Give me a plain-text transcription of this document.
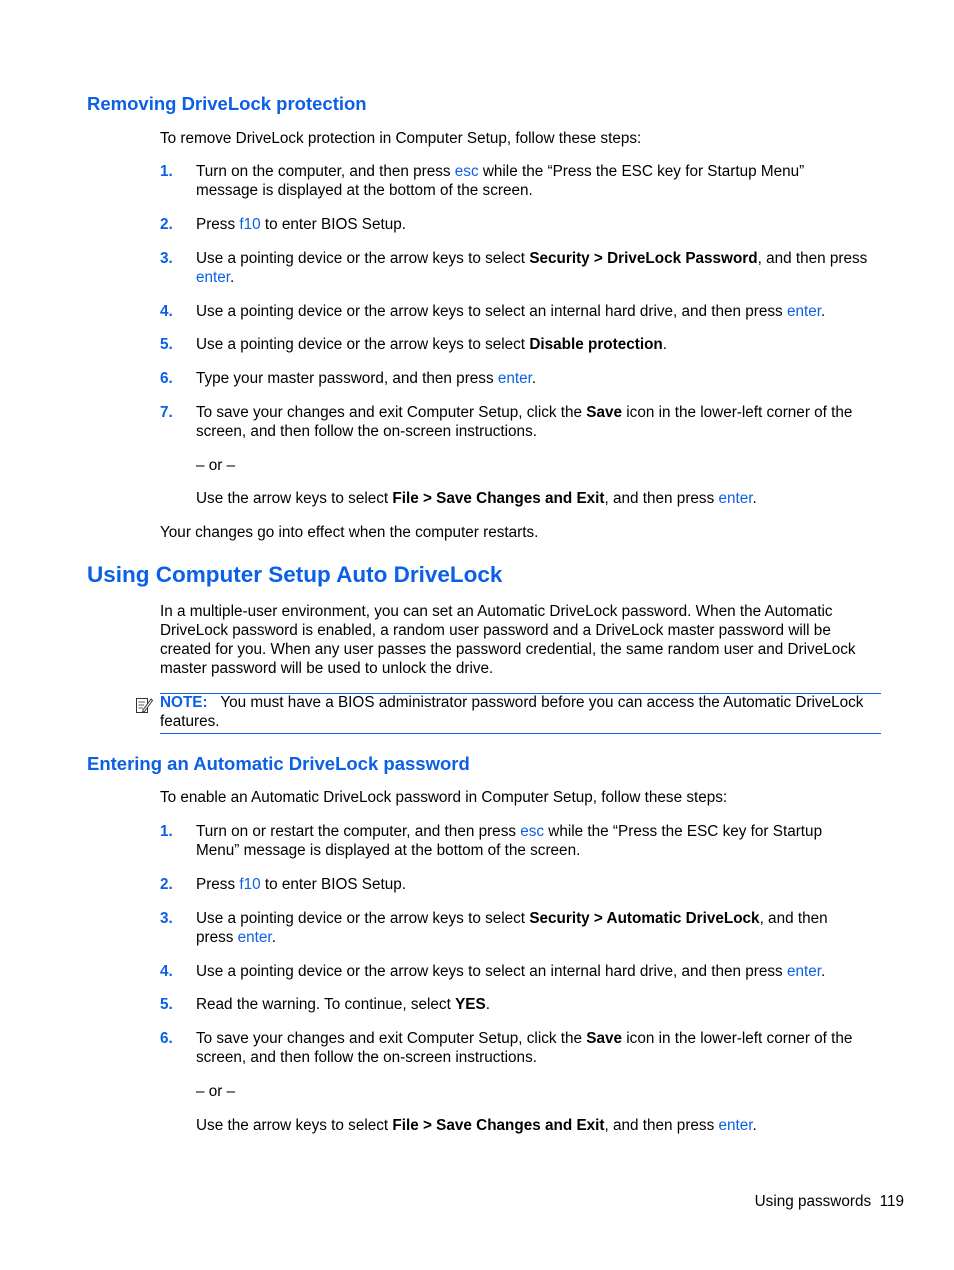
Removing DriveLock protection

To remove DriveLock protection in Computer Setup, follow these steps:

1.	Turn on the computer, and then press esc while the “Press the ESC key for Startup Menu” message is displayed at the bottom of the screen.

2.	Press f10 to enter BIOS Setup.

3.	Use a pointing device or the arrow keys to select Security > DriveLock Password, and then press enter.

4.	Use a pointing device or the arrow keys to select an internal hard drive, and then press enter.

5.	Use a pointing device or the arrow keys to select Disable protection.

6.	Type your master password, and then press enter.

7.	To save your changes and exit Computer Setup, click the Save icon in the lower-left corner of the screen, and then follow the on-screen instructions.

– or –

Use the arrow keys to select File > Save Changes and Exit, and then press enter.

Your changes go into effect when the computer restarts.

Using Computer Setup Auto DriveLock

In a multiple-user environment, you can set an Automatic DriveLock password. When the Automatic DriveLock password is enabled, a random user password and a DriveLock master password will be created for you. When any user passes the password credential, the same random user and DriveLock master password will be used to unlock the drive.

NOTE: You must have a BIOS administrator password before you can access the Automatic DriveLock features.

Entering an Automatic DriveLock password

To enable an Automatic DriveLock password in Computer Setup, follow these steps:

1.	Turn on or restart the computer, and then press esc while the “Press the ESC key for Startup Menu” message is displayed at the bottom of the screen.

2.	Press f10 to enter BIOS Setup.

3.	Use a pointing device or the arrow keys to select Security > Automatic DriveLock, and then press enter.

4.	Use a pointing device or the arrow keys to select an internal hard drive, and then press enter.

5.	Read the warning. To continue, select YES.

6.	To save your changes and exit Computer Setup, click the Save icon in the lower-left corner of the screen, and then follow the on-screen instructions.

– or –

Use the arrow keys to select File > Save Changes and Exit, and then press enter.

Using passwords 119
